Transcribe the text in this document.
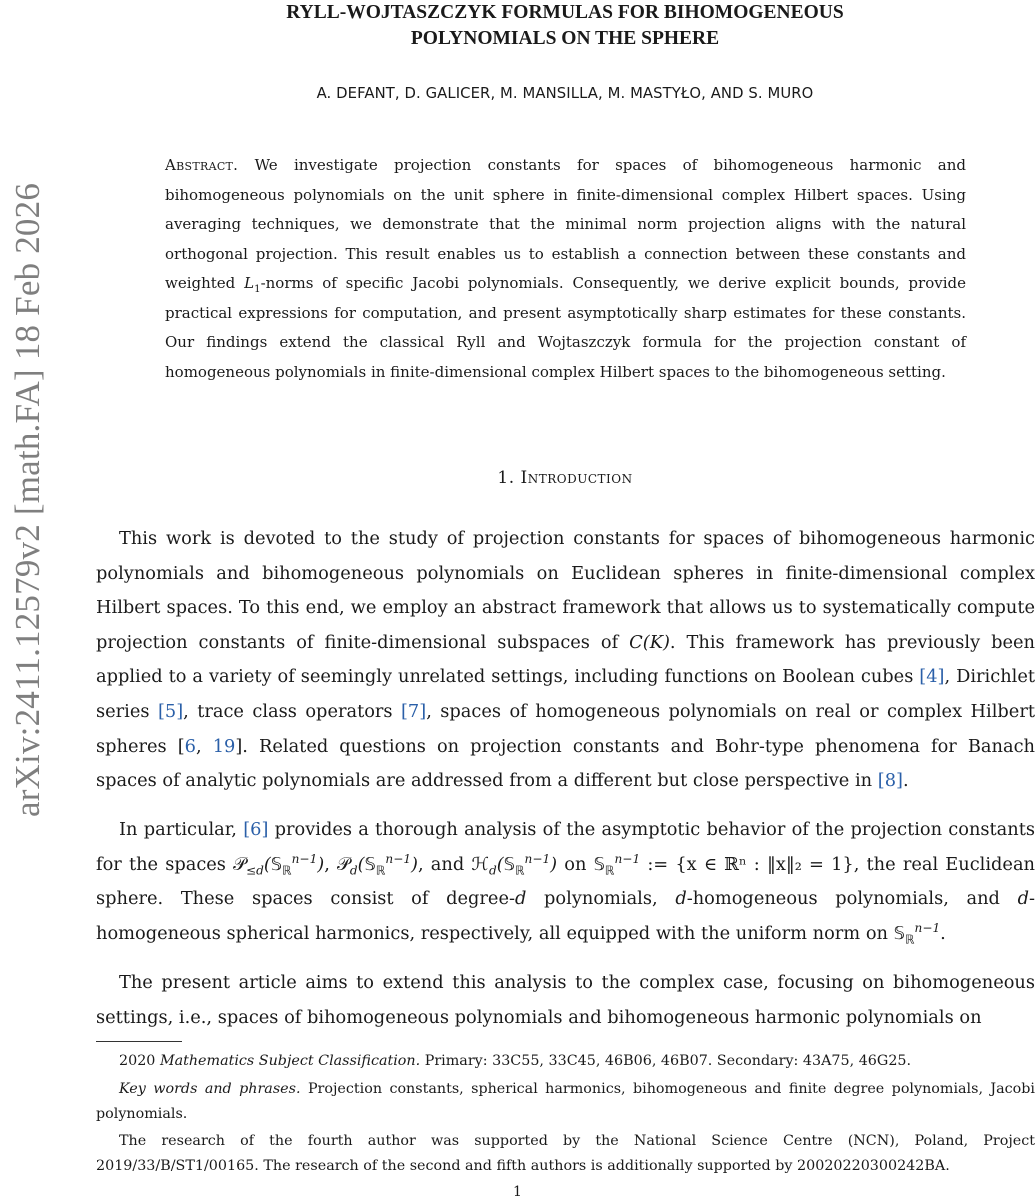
arXiv:2411.12579v2 [math.FA] 18 Feb 2026
RYLL-WOJTASZCZYK FORMULAS FOR BIHOMOGENEOUS
POLYNOMIALS ON THE SPHERE
A. DEFANT, D. GALICER, M. MANSILLA, M. MASTYŁO, AND S. MURO
Abstract. We investigate projection constants for spaces of bihomogeneous harmonic and bihomogeneous polynomials on the unit sphere in finite-dimensional complex Hilbert spaces. Using averaging techniques, we demonstrate that the minimal norm projection aligns with the natural orthogonal projection. This result enables us to establish a connection between these constants and weighted $L_1$-norms of specific Jacobi polynomials. Consequently, we derive explicit bounds, provide practical expressions for computation, and present asymptotically sharp estimates for these constants. Our findings extend the classical Ryll and Wojtaszczyk formula for the projection constant of homogeneous polynomials in finite-dimensional complex Hilbert spaces to the bihomogeneous setting.
1. Introduction

This work is devoted to the study of projection constants for spaces of bihomogeneous harmonic polynomials and bihomogeneous polynomials on Euclidean spheres in finite-dimensional complex Hilbert spaces. To this end, we employ an abstract framework that allows us to systematically compute projection constants of finite-dimensional subspaces of C(K). This framework has previously been applied to a variety of seemingly unrelated settings, including functions on Boolean cubes [4], Dirichlet series [5], trace class operators [7], spaces of homogeneous polynomials on real or complex Hilbert spheres [6, 19]. Related questions on projection constants and Bohr-type phenomena for Banach spaces of analytic polynomials are addressed from a different but close perspective in [8].

In particular, [6] provides a thorough analysis of the asymptotic behavior of the projection constants for the spaces 𝒫$_{\le d}$(𝕊$_ℝ^{n-1}$), 𝒫$_d$(𝕊$_ℝ^{n-1}$), and ℋ$_d$(𝕊$_ℝ^{n-1}$) on 𝕊$_ℝ^{n-1}$ := {x ∈ ℝⁿ : ‖x‖₂ = 1}, the real Euclidean sphere. These spaces consist of degree-d polynomials, d-homogeneous polynomials, and d-homogeneous spherical harmonics, respectively, all equipped with the uniform norm on 𝕊$_ℝ^{n-1}$.

The present article aims to extend this analysis to the complex case, focusing on bihomogeneous settings, i.e., spaces of bihomogeneous polynomials and bihomogeneous harmonic polynomials on

2020 Mathematics Subject Classification. Primary: 33C55, 33C45, 46B06, 46B07. Secondary: 43A75, 46G25.
Key words and phrases. Projection constants, spherical harmonics, bihomogeneous and finite degree polynomials, Jacobi polynomials.
The research of the fourth author was supported by the National Science Centre (NCN), Poland, Project 2019/33/B/ST1/00165. The research of the second and fifth authors is additionally supported by 20020220300242BA.
1
